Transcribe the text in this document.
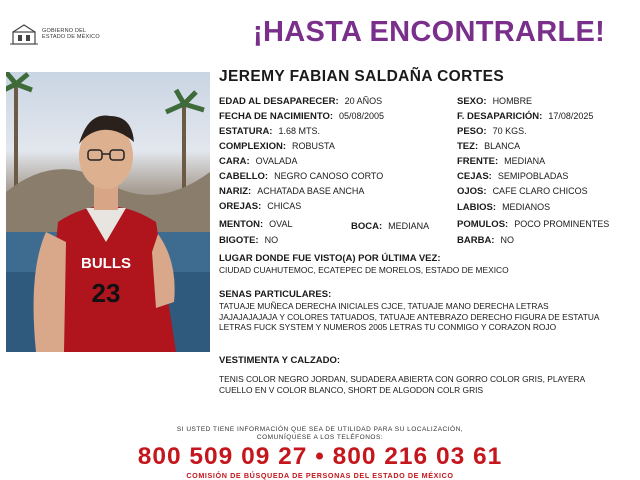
GOBIERNO DEL
ESTADO DE MÉXICO	¡HASTA ENCONTRARLE!
BULLS
23
JEREMY FABIAN SALDAÑA CORTES
EDAD AL DESAPARECER: 20 AÑOS
FECHA DE NACIMIENTO: 05/08/2005
ESTATURA: 1.68 MTS.
COMPLEXION: ROBUSTA
CARA: OVALADA
CABELLO: NEGRO CANOSO CORTO
NARIZ: ACHATADA BASE ANCHA
OREJAS: CHICAS
MENTON: OVAL
BIGOTE: NO
BOCA: MEDIANA
SEXO: HOMBRE
F. DESAPARICIÓN: 17/08/2025
PESO: 70 KGS.
TEZ: BLANCA
FRENTE: MEDIANA
CEJAS: SEMIPOBLADAS
OJOS: CAFE CLARO CHICOS
LABIOS: MEDIANOS
POMULOS: POCO PROMINENTES
BARBA: NO
LUGAR DONDE FUE VISTO(A) POR ÚLTIMA VEZ:
CIUDAD CUAHUTEMOC, ECATEPEC DE MORELOS, ESTADO DE MEXICO
SENAS PARTICULARES:
TATUAJE MUÑECA DERECHA INICIALES CJCE, TATUAJE MANO DERECHA LETRAS JAJAJAJAJAJA Y COLORES TATUADOS, TATUAJE ANTEBRAZO DERECHO FIGURA DE ESTATUA LETRAS FUCK SYSTEM Y NUMEROS 2005 LETRAS TU CONMIGO Y CORAZON ROJO
VESTIMENTA Y CALZADO:
TENIS COLOR NEGRO JORDAN, SUDADERA ABIERTA CON GORRO COLOR GRIS, PLAYERA CUELLO EN V COLOR BLANCO, SHORT DE ALGODON COLR GRIS
SI USTED TIENE INFORMACIÓN QUE SEA DE UTILIDAD PARA SU LOCALIZACIÓN,
COMUNÍQUESE A LOS TELÉFONOS:
800 509 09 27 • 800 216 03 61
COMISIÓN DE BÚSQUEDA DE PERSONAS DEL ESTADO DE MÉXICO
